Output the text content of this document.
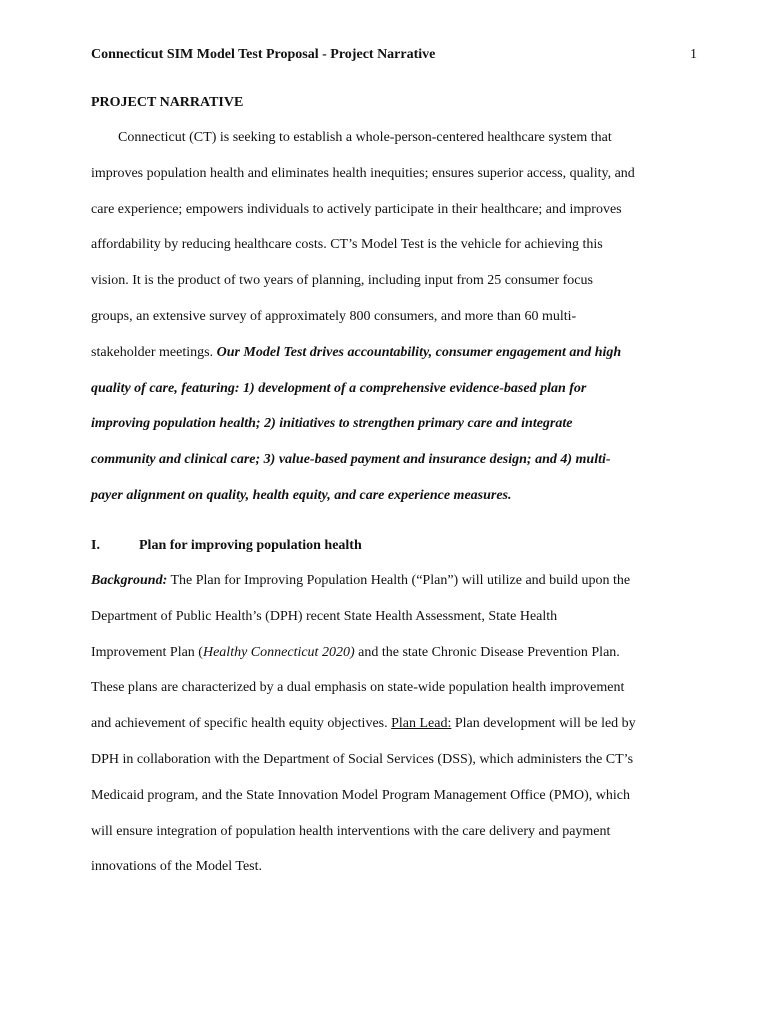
Connecticut SIM Model Test Proposal - Project Narrative	1
PROJECT NARRATIVE

Connecticut (CT) is seeking to establish a whole-person-centered healthcare system that
improves population health and eliminates health inequities; ensures superior access, quality, and
care experience; empowers individuals to actively participate in their healthcare; and improves
affordability by reducing healthcare costs. CT’s Model Test is the vehicle for achieving this
vision. It is the product of two years of planning, including input from 25 consumer focus
groups, an extensive survey of approximately 800 consumers, and more than 60 multi-
stakeholder meetings. Our Model Test drives accountability, consumer engagement and high
quality of care, featuring: 1) development of a comprehensive evidence-based plan for
improving population health; 2) initiatives to strengthen primary care and integrate
community and clinical care; 3) value-based payment and insurance design; and 4) multi-
payer alignment on quality, health equity, and care experience measures.

I.	Plan for improving population health

Background: The Plan for Improving Population Health (“Plan”) will utilize and build upon the
Department of Public Health’s (DPH) recent State Health Assessment, State Health
Improvement Plan (Healthy Connecticut 2020) and the state Chronic Disease Prevention Plan.
These plans are characterized by a dual emphasis on state-wide population health improvement
and achievement of specific health equity objectives. Plan Lead: Plan development will be led by
DPH in collaboration with the Department of Social Services (DSS), which administers the CT’s
Medicaid program, and the State Innovation Model Program Management Office (PMO), which
will ensure integration of population health interventions with the care delivery and payment
innovations of the Model Test.
